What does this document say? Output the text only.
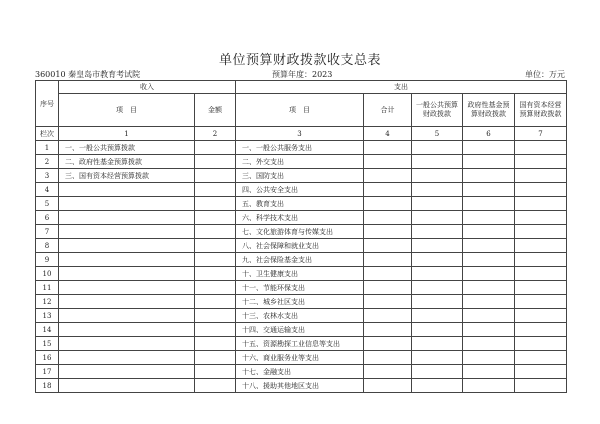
单位预算财政拨款收支总表
360010 秦皇岛市教育考试院	预算年度：2023	单位：万元
序号	收入		支出				
	项　目	金额	项　目	合计	一般公共预算财政拨款	政府性基金预算财政拨款	国有资本经营预算财政拨款
栏次	1	2	3	4	5	6	7
1	一、一般公共预算拨款		一、一般公共服务支出				
2	二、政府性基金预算拨款		二、外交支出				
3	三、国有资本经营预算拨款		三、国防支出				
4			四、公共安全支出				
5			五、教育支出				
6			六、科学技术支出				
7			七、文化旅游体育与传媒支出				
8			八、社会保障和就业支出				
9			九、社会保险基金支出				
10			十、卫生健康支出				
11			十一、节能环保支出				
12			十二、城乡社区支出				
13			十三、农林水支出				
14			十四、交通运输支出				
15			十五、资源勘探工业信息等支出				
16			十六、商业服务业等支出				
17			十七、金融支出				
18			十八、援助其他地区支出				
